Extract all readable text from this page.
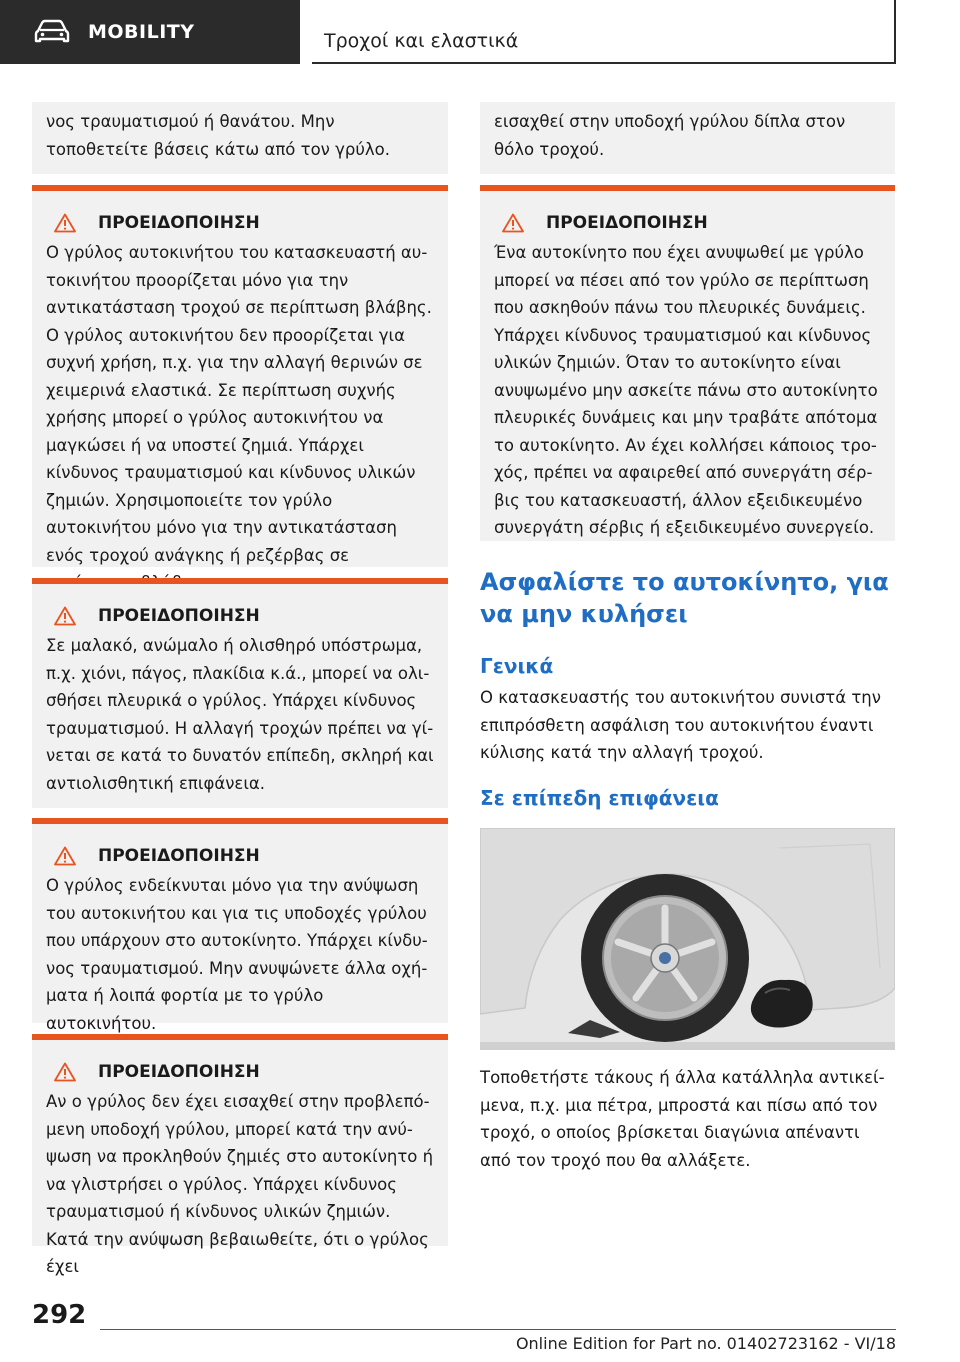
MOBILITY	Τροχοί και ελαστικά

νος τραυματισμού ή θανάτου. Μην τοποθετείτε βάσεις κάτω από τον γρύλο.

ΠΡΟΕΙΔΟΠΟΙΗΣΗ

Ο γρύλος αυτοκινήτου του κατασκευαστή αυτοκινήτου προορίζεται μόνο για την αντικατάσταση τροχού σε περίπτωση βλάβης. Ο γρύλος αυτοκινήτου δεν προορίζεται για συχνή χρήση, π.χ. για την αλλαγή θερινών σε χειμερινά ελαστικά. Σε περίπτωση συχνής χρήσης μπορεί ο γρύλος αυτοκινήτου να μαγκώσει ή να υποστεί ζημιά. Υπάρχει κίνδυνος τραυματισμού και κίνδυνος υλικών ζημιών. Χρησιμοποιείτε τον γρύλο αυτοκινήτου μόνο για την αντικατάσταση ενός τροχού ανάγκης ή ρεζέρβας σε

ΠΡΟΕΙΔΟΠΟΙΗΣΗ

Σε μαλακό, ανώμαλο ή ολισθηρό υπόστρωμα, π.χ. χιόνι, πάγος, πλακίδια κ.ά., μπορεί να ολισθήσει πλευρικά ο γρύλος. Υπάρχει κίνδυνος τραυματισμού. Η αλλαγή τροχών πρέπει να γίνεται σε κατά το δυνατόν επίπεδη, σκληρή και αντιολισθητική επιφάνεια.

ΠΡΟΕΙΔΟΠΟΙΗΣΗ

Ο γρύλος ενδείκνυται μόνο για την ανύψωση του αυτοκινήτου και για τις υποδοχές γρύλου που υπάρχουν στο αυτοκίνητο. Υπάρχει κίνδυνος τραυματισμού. Μην ανυψώνετε άλλα οχήματα ή λοιπά φορτία με το γρύλο αυτοκινήτου.

ΠΡΟΕΙΔΟΠΟΙΗΣΗ

Αν ο γρύλος δεν έχει εισαχθεί στην προβλεπόμενη υποδοχή γρύλου, μπορεί κατά την ανύψωση να προκληθούν ζημιές στο αυτοκίνητο ή να γλιστρήσει ο γρύλος. Υπάρχει κίνδυνος τραυματισμού ή κίνδυνος υλικών ζημιών. Κατά την ανύψωση βεβαιωθείτε, ότι ο γρύλος έχει

εισαχθεί στην υποδοχή γρύλου δίπλα στον θόλο τροχού.

ΠΡΟΕΙΔΟΠΟΙΗΣΗ

Ένα αυτοκίνητο που έχει ανυψωθεί με γρύλο μπορεί να πέσει από τον γρύλο σε περίπτωση που ασκηθούν πάνω του πλευρικές δυνάμεις. Υπάρχει κίνδυνος τραυματισμού και κίνδυνος υλικών ζημιών. Όταν το αυτοκίνητο είναι ανυψωμένο μην ασκείτε πάνω στο αυτοκίνητο πλευρικές δυνάμεις και μην τραβάτε απότομα το αυτοκίνητο. Αν έχει κολλήσει κάποιος τροχός, πρέπει να αφαιρεθεί από συνεργάτη σέρβις του κατασκευαστή, άλλον εξειδικευμένο συνεργάτη σέρβις ή εξειδικευμένο συνεργείο.

Ασφαλίστε το αυτοκίνητο, για να μην κυλήσει
Γενικά

Ο κατασκευαστής του αυτοκινήτου συνιστά την επιπρόσθετη ασφάλιση του αυτοκινήτου έναντι κύλισης κατά την αλλαγή τροχού.

Σε επίπεδη επιφάνεια

Τοποθετήστε τάκους ή άλλα κατάλληλα αντικείμενα, π.χ. μια πέτρα, μπροστά και πίσω από τον τροχό, ο οποίος βρίσκεται διαγώνια απέναντι από τον τροχό που θα αλλάξετε.

292
Online Edition for Part no. 01402723162 - VI/18
